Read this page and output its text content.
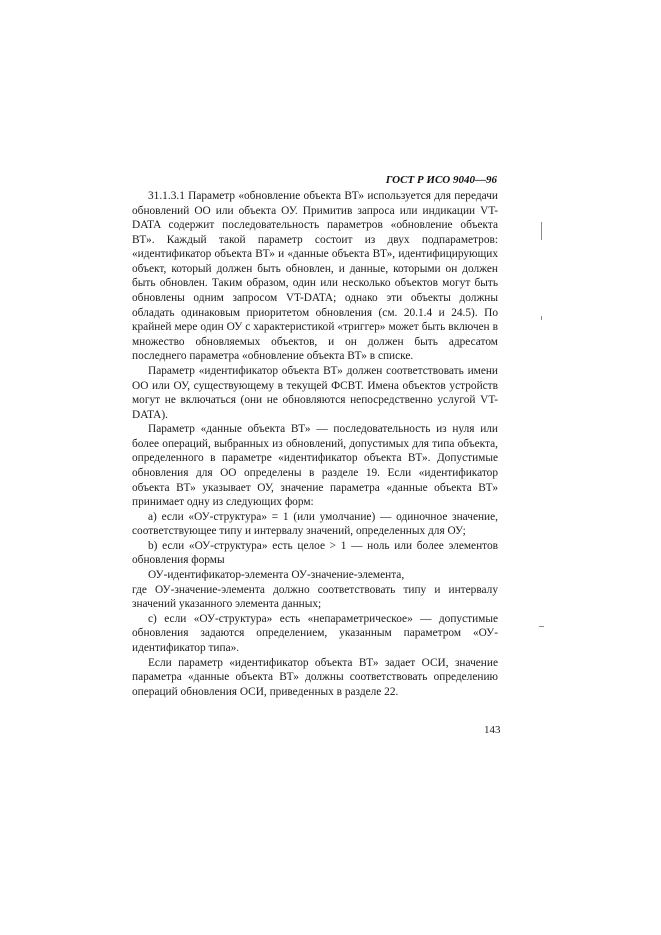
ГОСТ Р ИСО 9040—96

31.1.3.1 Параметр «обновление объекта ВТ» используется для передачи обновлений ОО или объекта ОУ. Примитив запроса или индикации VT-DATA содержит последовательность параметров «обновление объекта ВТ». Каждый такой параметр состоит из двух подпараметров: «идентификатор объекта ВТ» и «данные объекта ВТ», идентифицирующих объект, который должен быть обновлен, и данные, которыми он должен быть обновлен. Таким образом, один или несколько объектов могут быть обновлены одним запросом VT-DATA; однако эти объекты должны обладать одинаковым приоритетом обновления (см. 20.1.4 и 24.5). По крайней мере один ОУ с характеристикой «триггер» может быть включен в множество обновляемых объектов, и он должен быть адресатом последнего параметра «обновление объекта ВТ» в списке.

Параметр «идентификатор объекта ВТ» должен соответствовать имени ОО или ОУ, существующему в текущей ФСВТ. Имена объектов устройств могут не включаться (они не обновляются непосредственно услугой VT-DATA).

Параметр «данные объекта ВТ» — последовательность из нуля или более операций, выбранных из обновлений, допустимых для типа объекта, определенного в параметре «идентификатор объекта ВТ». Допустимые обновления для ОО определены в разделе 19. Если «идентификатор объекта ВТ» указывает ОУ, значение параметра «данные объекта ВТ» принимает одну из следующих форм:

а) если «ОУ-структура» = 1 (или умолчание) — одиночное значение, соответствующее типу и интервалу значений, определенных для ОУ;

b) если «ОУ-структура» есть целое > 1 — ноль или более элементов обновления формы

ОУ-идентификатор-элемента ОУ-значение-элемента,

где ОУ-значение-элемента должно соответствовать типу и интервалу значений указанного элемента данных;

с) если «ОУ-структура» есть «непараметрическое» — допустимые обновления задаются определением, указанным параметром «ОУ-идентификатор типа».

Если параметр «идентификатор объекта ВТ» задает ОСИ, значение параметра «данные объекта ВТ» должны соответствовать определению операций обновления ОСИ, приведенных в разделе 22.

143
